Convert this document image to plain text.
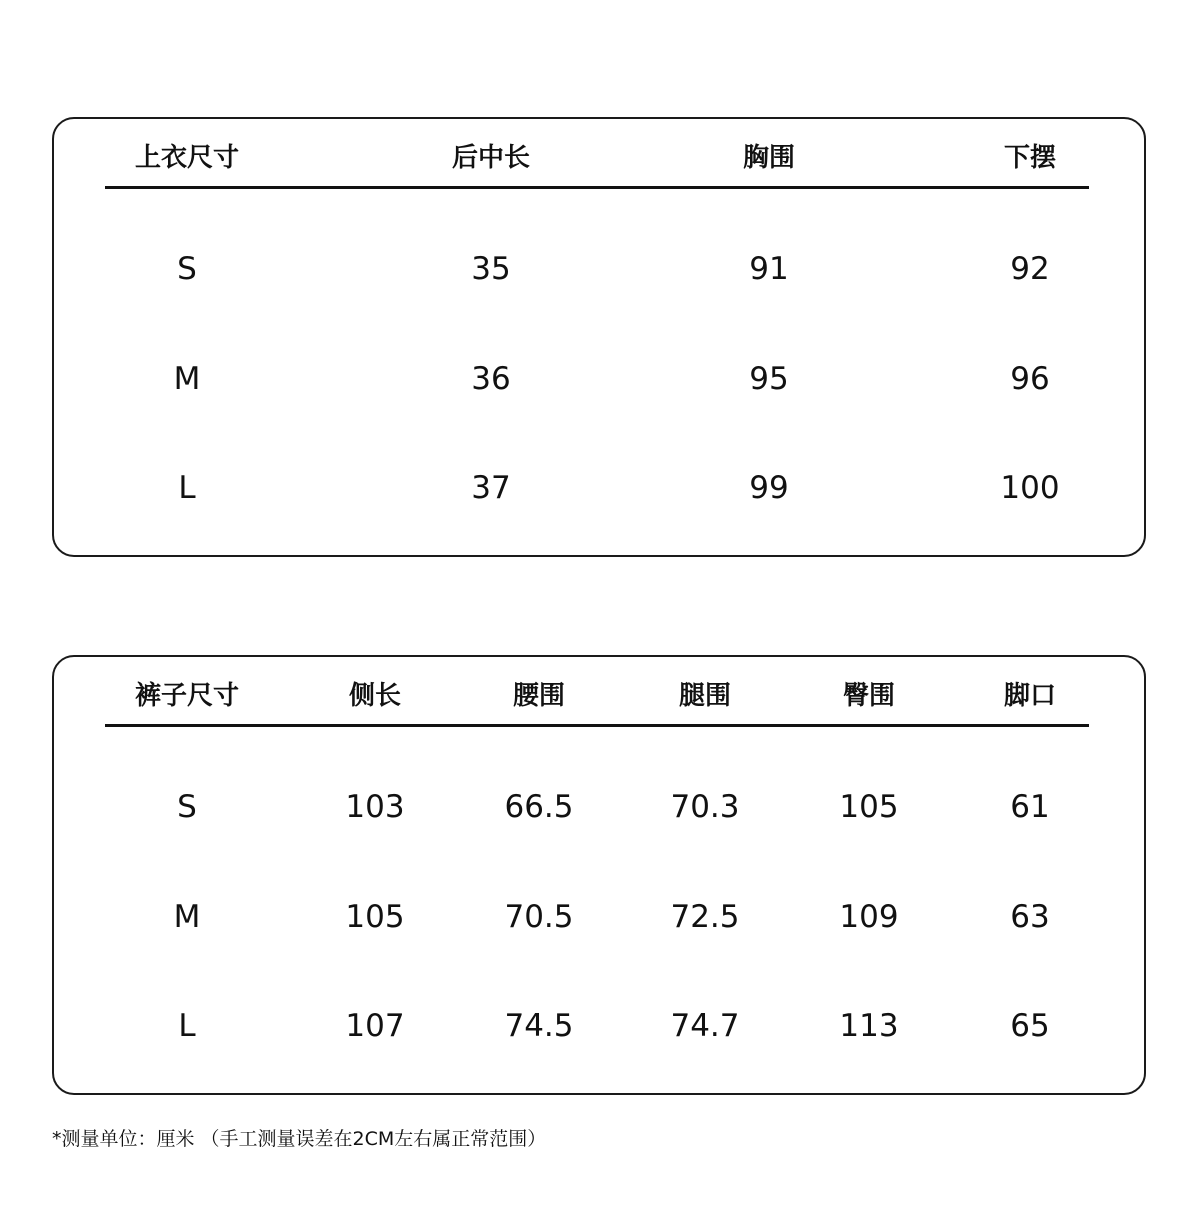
上衣尺寸	后中长	胸围	下摆
S	35	91	92
M	36	95	96
L	37	99	100
裤子尺寸	侧长	腰围	腿围	臀围	脚口
S	103	66.5	70.3	105	61
M	105	70.5	72.5	109	63
L	107	74.5	74.7	113	65
*测量单位：厘米 （手工测量误差在2CM左右属正常范围）
